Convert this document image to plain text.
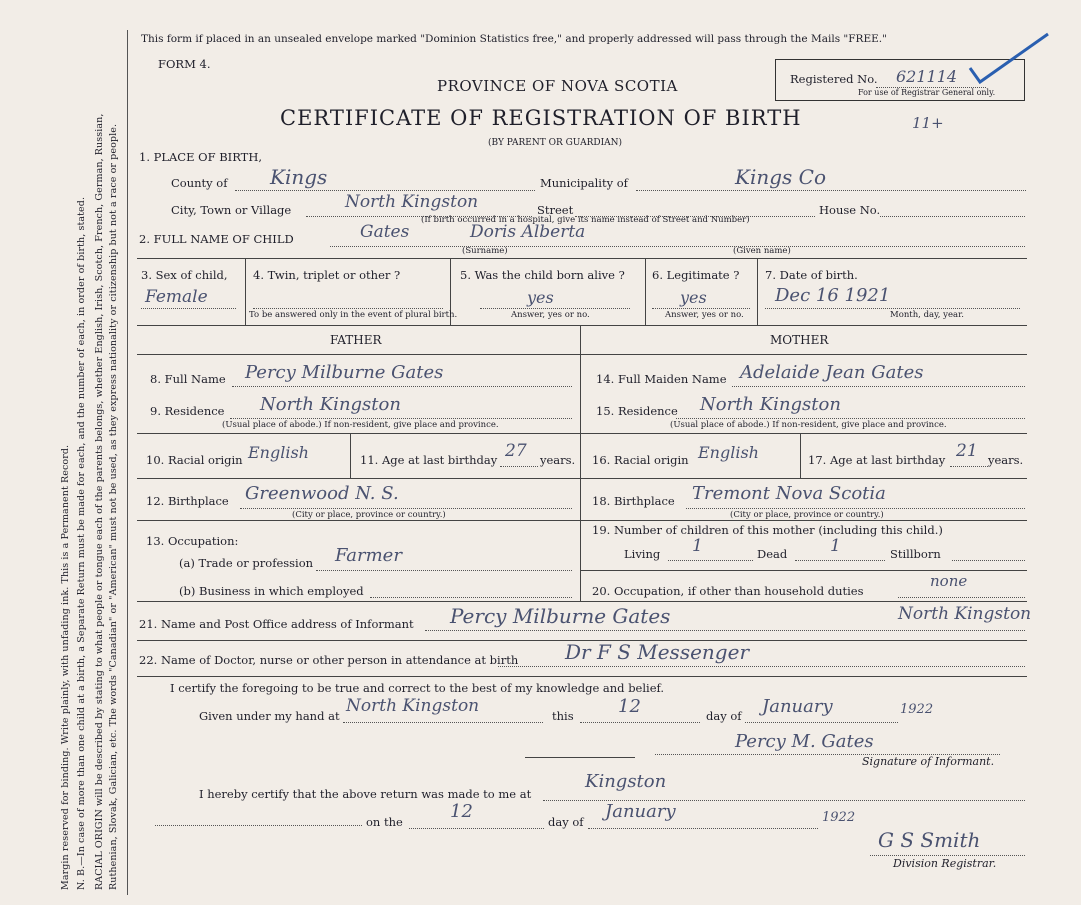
Margin reserved for binding. Write plainly, with unfading ink. This is a Permanent Record. N. B.—In case of more than one child at a birth, a Separate Return must be made for each, and the number of each, in order of birth, stated. RACIAL ORIGIN will be described by stating to what people or tongue each of the parents belongs, whether English, Irish, Scotch, French, German, Russian, Ruthenian, Slovak, Galician, etc. The words "Canadian" or "American" must not be used, as they express nationality or citizenship but not a race or people.
This form if placed in an unsealed envelope marked "Dominion Statistics free," and properly addressed will pass through the Mails "FREE."
FORM 4.
PROVINCE OF NOVA SCOTIA
CERTIFICATE OF REGISTRATION OF BIRTH
(BY PARENT OR GUARDIAN)
Registered No. 621114
For use of Registrar General only.
11+
1. PLACE OF BIRTH,
County of Kings	Municipality of	Kings Co
City, Town or Village	North Kingston	Street	House No.
(If birth occurred in a hospital, give its name instead of Street and Number)
2. FULL NAME OF CHILD	Gates	Doris Alberta
(Surname)	(Given name)
3. Sex of child,
Female
4. Twin, triplet or other ?
To be answered only in the event of plural birth.
5. Was the child born alive ?
yes
Answer, yes or no.
6. Legitimate ?
yes
Answer, yes or no.
7. Date of birth.
Dec 16 1921
Month, day, year.
FATHER	MOTHER
8. Full Name Percy Milburne Gates
9. Residence North Kingston
(Usual place of abode.) If non-resident, give place and province.
10. Racial origin English	11. Age at last birthday 27 years.
12. Birthplace Greenwood N. S.
(City or place, province or country.)
13. Occupation:
(a) Trade or profession Farmer
(b) Business in which employed
14. Full Maiden Name Adelaide Jean Gates
15. Residence North Kingston
(Usual place of abode.) If non-resident, give place and province.
16. Racial origin English	17. Age at last birthday 21 years.
18. Birthplace Tremont Nova Scotia
(City or place, province or country.)
19. Number of children of this mother (including this child.)
Living 1	Dead	1	Stillborn
20. Occupation, if other than household duties
none
21. Name and Post Office address of Informant Percy Milburne Gates	North Kingston
22. Name of Doctor, nurse or other person in attendance at birth Dr F S Messenger
I certify the foregoing to be true and correct to the best of my knowledge and belief.
Given under my hand at North Kingston	this 12	day of January	1922
Percy M. Gates
Signature of Informant.
I hereby certify that the above return was made to me at
Kingston
on the	12	day of January	1922
G S Smith
Division Registrar.
